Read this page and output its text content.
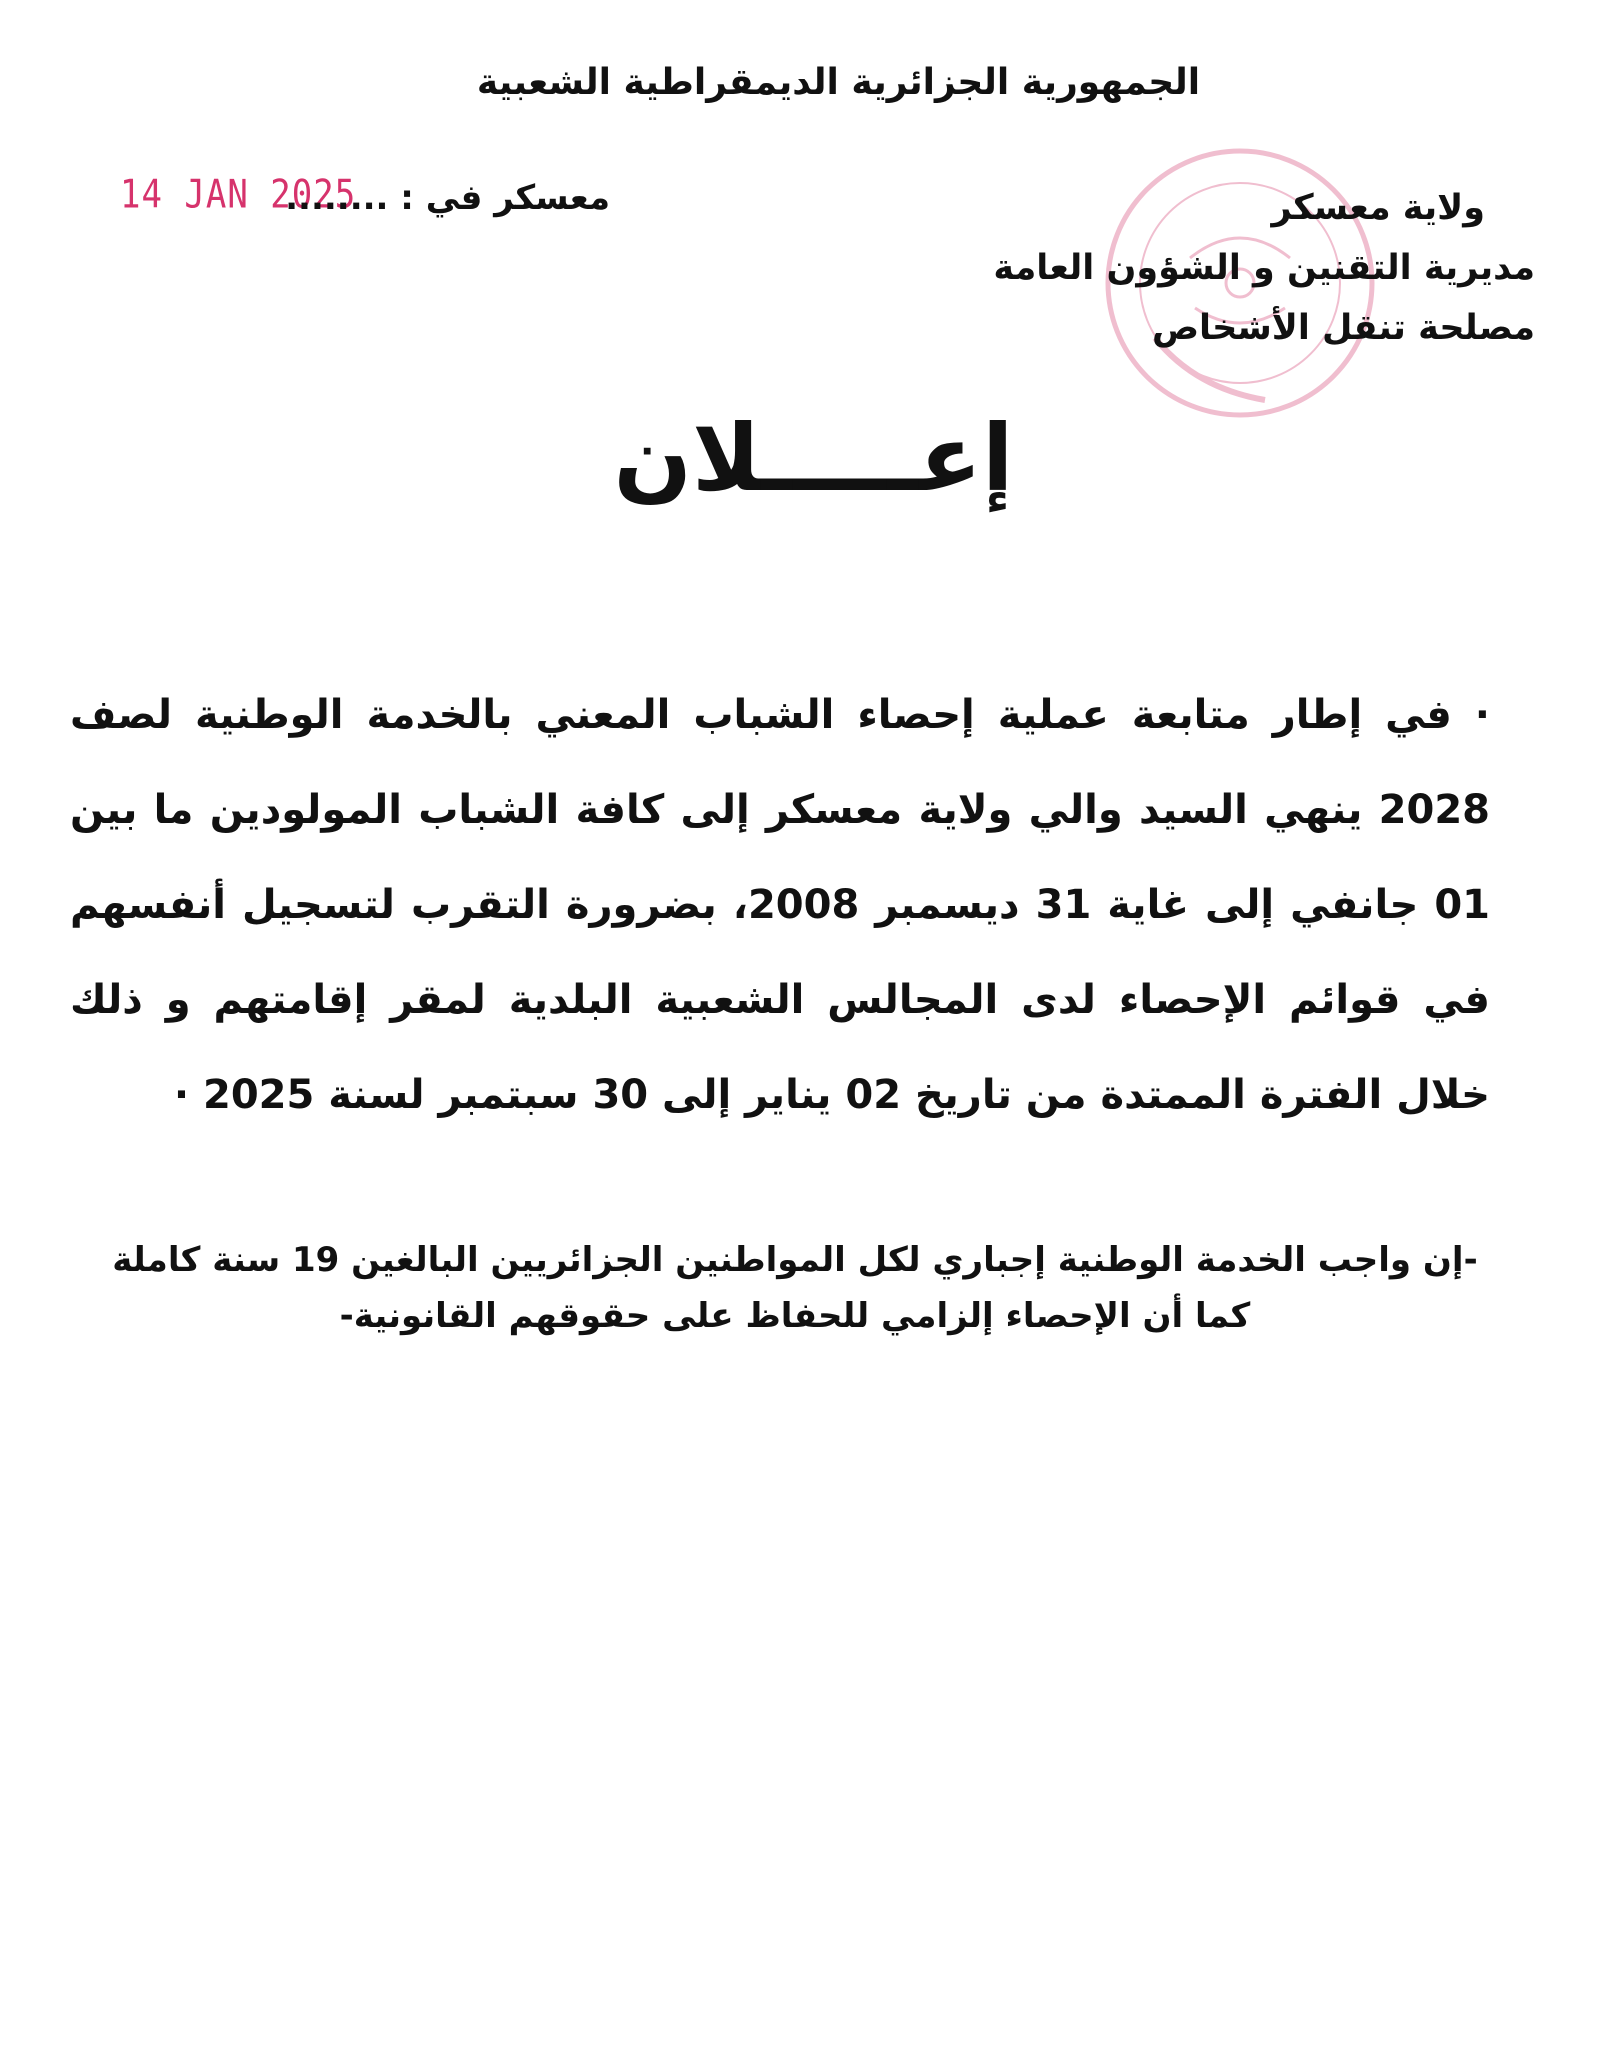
الجمهورية الجزائرية الديمقراطية الشعبية
ولاية معسكر
مديرية التقنين و الشؤون العامة
مصلحة تنقل الأشخاص
14 JAN 2025
معسكر في : ........
إعـــــلان
· في إطار متابعة عملية إحصاء الشباب المعني بالخدمة الوطنية لصف 2028 ينهي السيد والي ولاية معسكر إلى كافة الشباب المولودين ما بين 01 جانفي إلى غاية 31 ديسمبر 2008، بضرورة التقرب لتسجيل أنفسهم في قوائم الإحصاء لدى المجالس الشعبية البلدية لمقر إقامتهم و ذلك خلال الفترة الممتدة من تاريخ 02 يناير إلى 30 سبتمبر لسنة 2025 ·
-إن واجب الخدمة الوطنية إجباري لكل المواطنين الجزائريين البالغين 19 سنة كاملة
كما أن الإحصاء إلزامي للحفاظ على حقوقهم القانونية-
